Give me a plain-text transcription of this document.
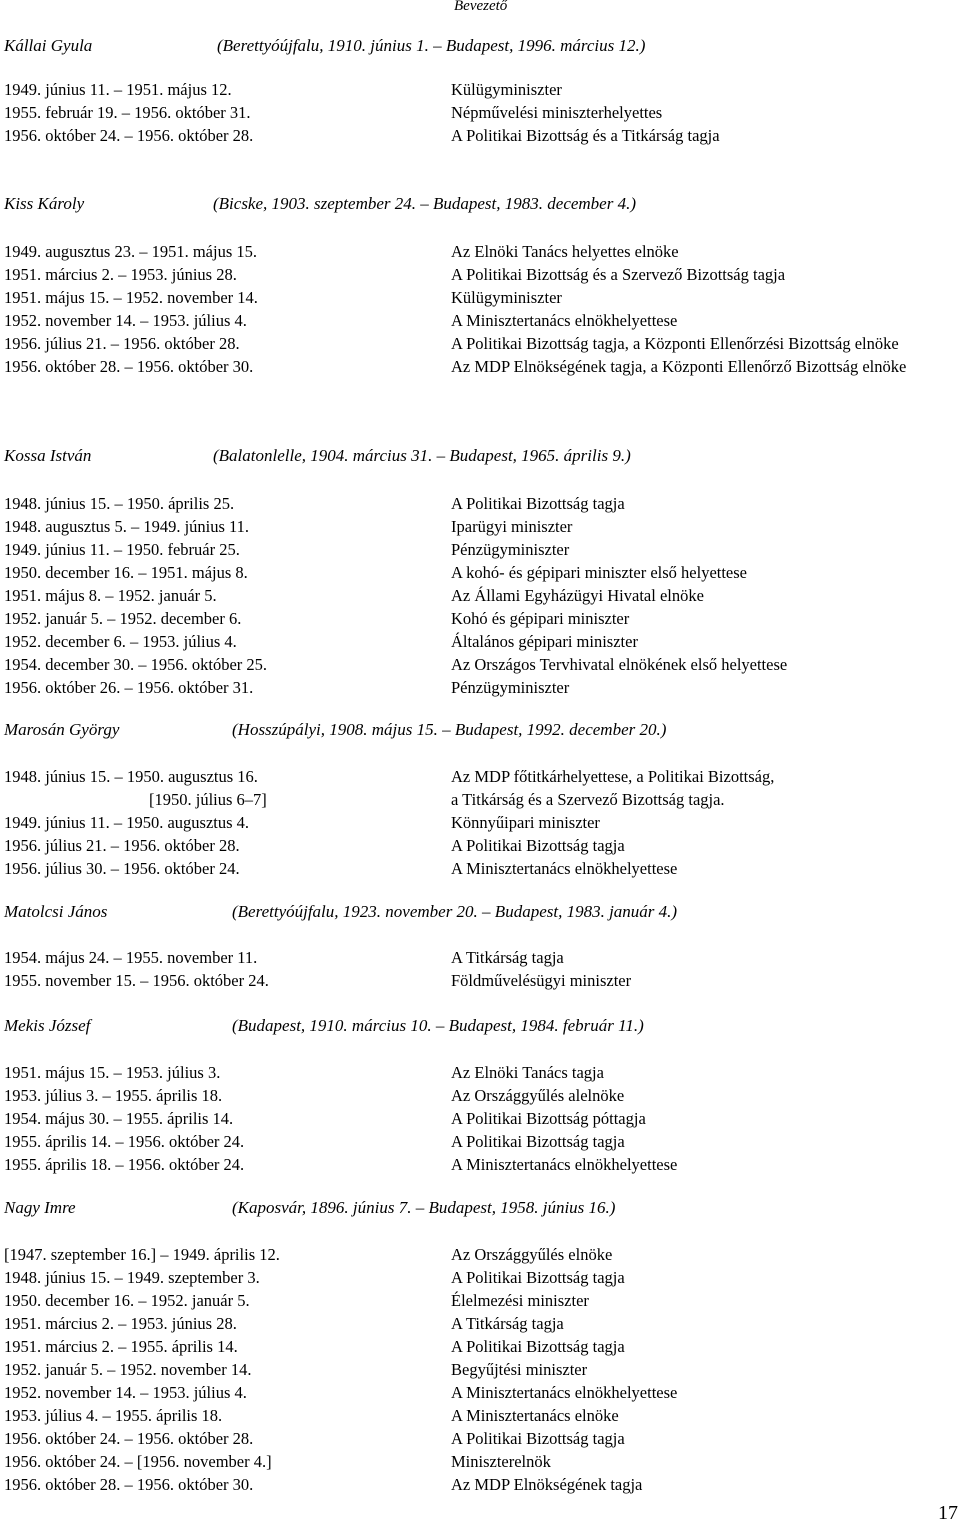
Bevezető
Kállai Gyula	(Berettyóújfalu, 1910. június 1. – Budapest, 1996. március 12.)
1949. június 11. – 1951. május 12.	Külügyminiszter
1955. február 19. – 1956. október 31.	Népművelési miniszterhelyettes
1956. október 24. – 1956. október 28.	A Politikai Bizottság és a Titkárság tagja
Kiss Károly	(Bicske, 1903. szeptember 24. – Budapest, 1983. december 4.)
1949. augusztus 23. – 1951. május 15.	Az Elnöki Tanács helyettes elnöke
1951. március 2. – 1953. június 28.	A Politikai Bizottság és a Szervező Bizottság tagja
1951. május 15. – 1952. november 14.	Külügyminiszter
1952. november 14. – 1953. július 4.	A Minisztertanács elnökhelyettese
1956. július 21. – 1956. október 28.	A Politikai Bizottság tagja, a Központi Ellenőrzési Bizottság elnöke
1956. október 28. – 1956. október 30.	Az MDP Elnökségének tagja, a Központi Ellenőrző Bizottság elnöke
Kossa István	(Balatonlelle, 1904. március 31. – Budapest, 1965. április 9.)
1948. június 15. – 1950. április 25.	A Politikai Bizottság tagja
1948. augusztus 5. – 1949. június 11.	Iparügyi miniszter
1949. június 11. – 1950. február 25.	Pénzügyminiszter
1950. december 16. – 1951. május 8.	A kohó- és gépipari miniszter első helyettese
1951. május 8. – 1952. január 5.	Az Állami Egyházügyi Hivatal elnöke
1952. január 5. – 1952. december 6.	Kohó és gépipari miniszter
1952. december 6. – 1953. július 4.	Általános gépipari miniszter
1954. december 30. – 1956. október 25.	Az Országos Tervhivatal elnökének első helyettese
1956. október 26. – 1956. október 31.	Pénzügyminiszter
Marosán György	(Hosszúpályi, 1908. május 15. – Budapest, 1992. december 20.)
1948. június 15. – 1950. augusztus 16.	Az MDP főtitkárhelyettese, a Politikai Bizottság,
[1950. július 6–7]	a Titkárság és a Szervező Bizottság tagja.
1949. június 11. – 1950. augusztus 4.	Könnyűipari miniszter
1956. július 21. – 1956. október 28.	A Politikai Bizottság tagja
1956. július 30. – 1956. október 24.	A Minisztertanács elnökhelyettese
Matolcsi János	(Berettyóújfalu, 1923. november 20. – Budapest, 1983. január 4.)
1954. május 24. – 1955. november 11.	A Titkárság tagja
1955. november 15. – 1956. október 24.	Földművelésügyi miniszter
Mekis József	(Budapest, 1910. március 10. – Budapest, 1984. február 11.)
1951. május 15. – 1953. július 3.	Az Elnöki Tanács tagja
1953. július 3. – 1955. április 18.	Az Országgyűlés alelnöke
1954. május 30. – 1955. április 14.	A Politikai Bizottság póttagja
1955. április 14. – 1956. október 24.	A Politikai Bizottság tagja
1955. április 18. – 1956. október 24.	A Minisztertanács elnökhelyettese
Nagy Imre	(Kaposvár, 1896. június 7. – Budapest, 1958. június 16.)
[1947. szeptember 16.] – 1949. április 12.	Az Országgyűlés elnöke
1948. június 15. – 1949. szeptember 3.	A Politikai Bizottság tagja
1950. december 16. – 1952. január 5.	Élelmezési miniszter
1951. március 2. – 1953. június 28.	A Titkárság tagja
1951. március 2. – 1955. április 14.	A Politikai Bizottság tagja
1952. január 5. – 1952. november 14.	Begyűjtési miniszter
1952. november 14. – 1953. július 4.	A Minisztertanács elnökhelyettese
1953. július 4. – 1955. április 18.	A Minisztertanács elnöke
1956. október 24. – 1956. október 28.	A Politikai Bizottság tagja
1956. október 24. – [1956. november 4.]	Miniszterelnök
1956. október 28. – 1956. október 30.	Az MDP Elnökségének tagja
17
